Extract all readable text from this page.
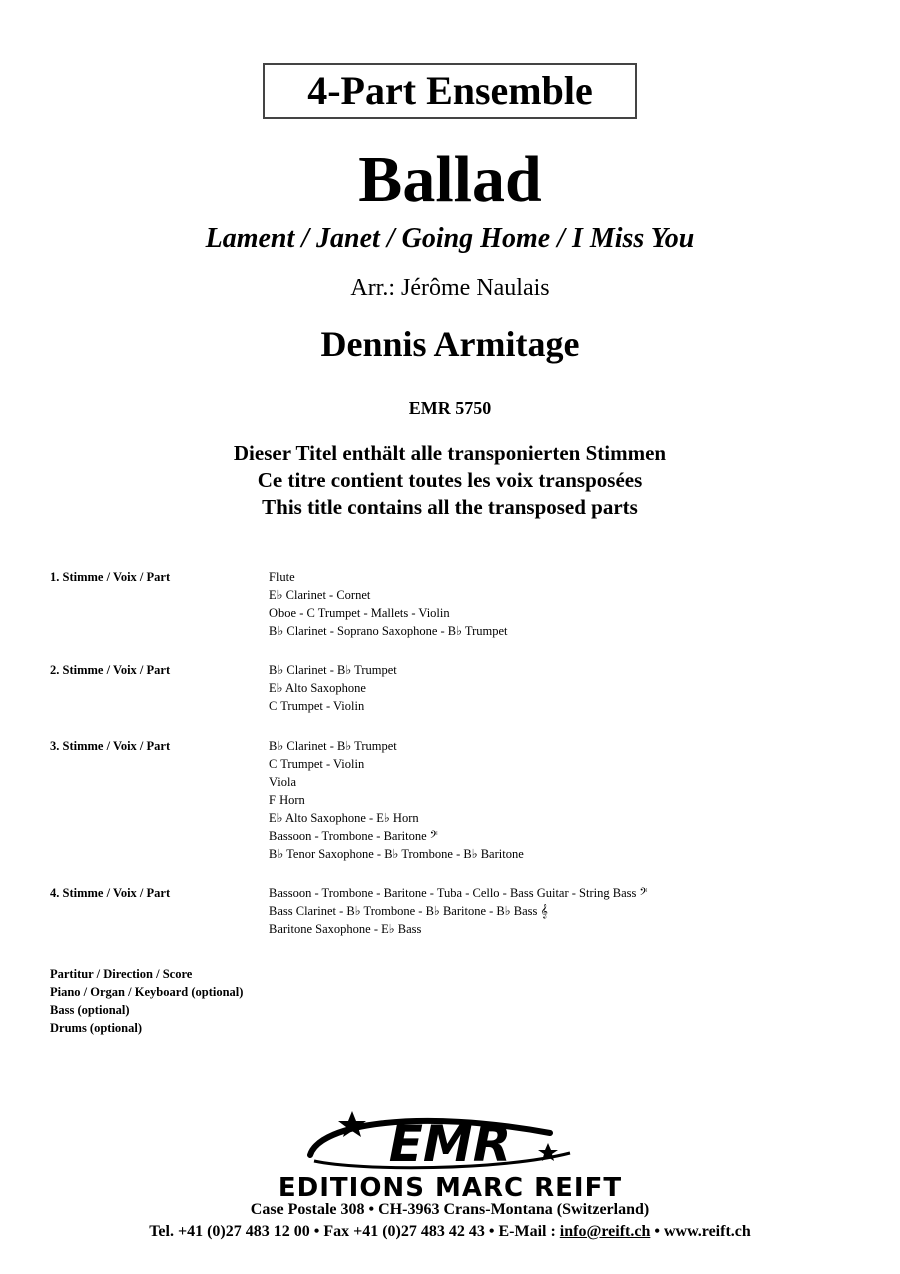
4-Part Ensemble
Ballad
Lament / Janet / Going Home / I Miss You
Arr.: Jérôme Naulais
Dennis Armitage
EMR 5750
Dieser Titel enthält alle transponierten Stimmen
Ce titre contient toutes les voix transposées
This title contains all the transposed parts
1. Stimme / Voix / Part	Flute
E♭ Clarinet - Cornet
Oboe - C Trumpet - Mallets - Violin
B♭ Clarinet - Soprano Saxophone - B♭ Trumpet
2. Stimme / Voix / Part	B♭ Clarinet - B♭ Trumpet
E♭ Alto Saxophone
C Trumpet - Violin
3. Stimme / Voix / Part	B♭ Clarinet - B♭ Trumpet
C Trumpet - Violin
Viola
F Horn
E♭ Alto Saxophone - E♭ Horn
Bassoon - Trombone - Baritone 𝄢
B♭ Tenor Saxophone - B♭ Trombone - B♭ Baritone
4. Stimme / Voix / Part	Bassoon - Trombone - Baritone - Tuba - Cello - Bass Guitar - String Bass 𝄢
Bass Clarinet - B♭ Trombone - B♭ Baritone - B♭ Bass 𝄞
Baritone Saxophone - E♭ Bass
Partitur / Direction / Score
Piano / Organ / Keyboard (optional)
Bass (optional)
Drums (optional)
EMR
EDITIONS MARC REIFT
Case Postale 308 • CH-3963 Crans-Montana (Switzerland)
Tel. +41 (0)27 483 12 00 • Fax +41 (0)27 483 42 43 • E-Mail : info@reift.ch • www.reift.ch
